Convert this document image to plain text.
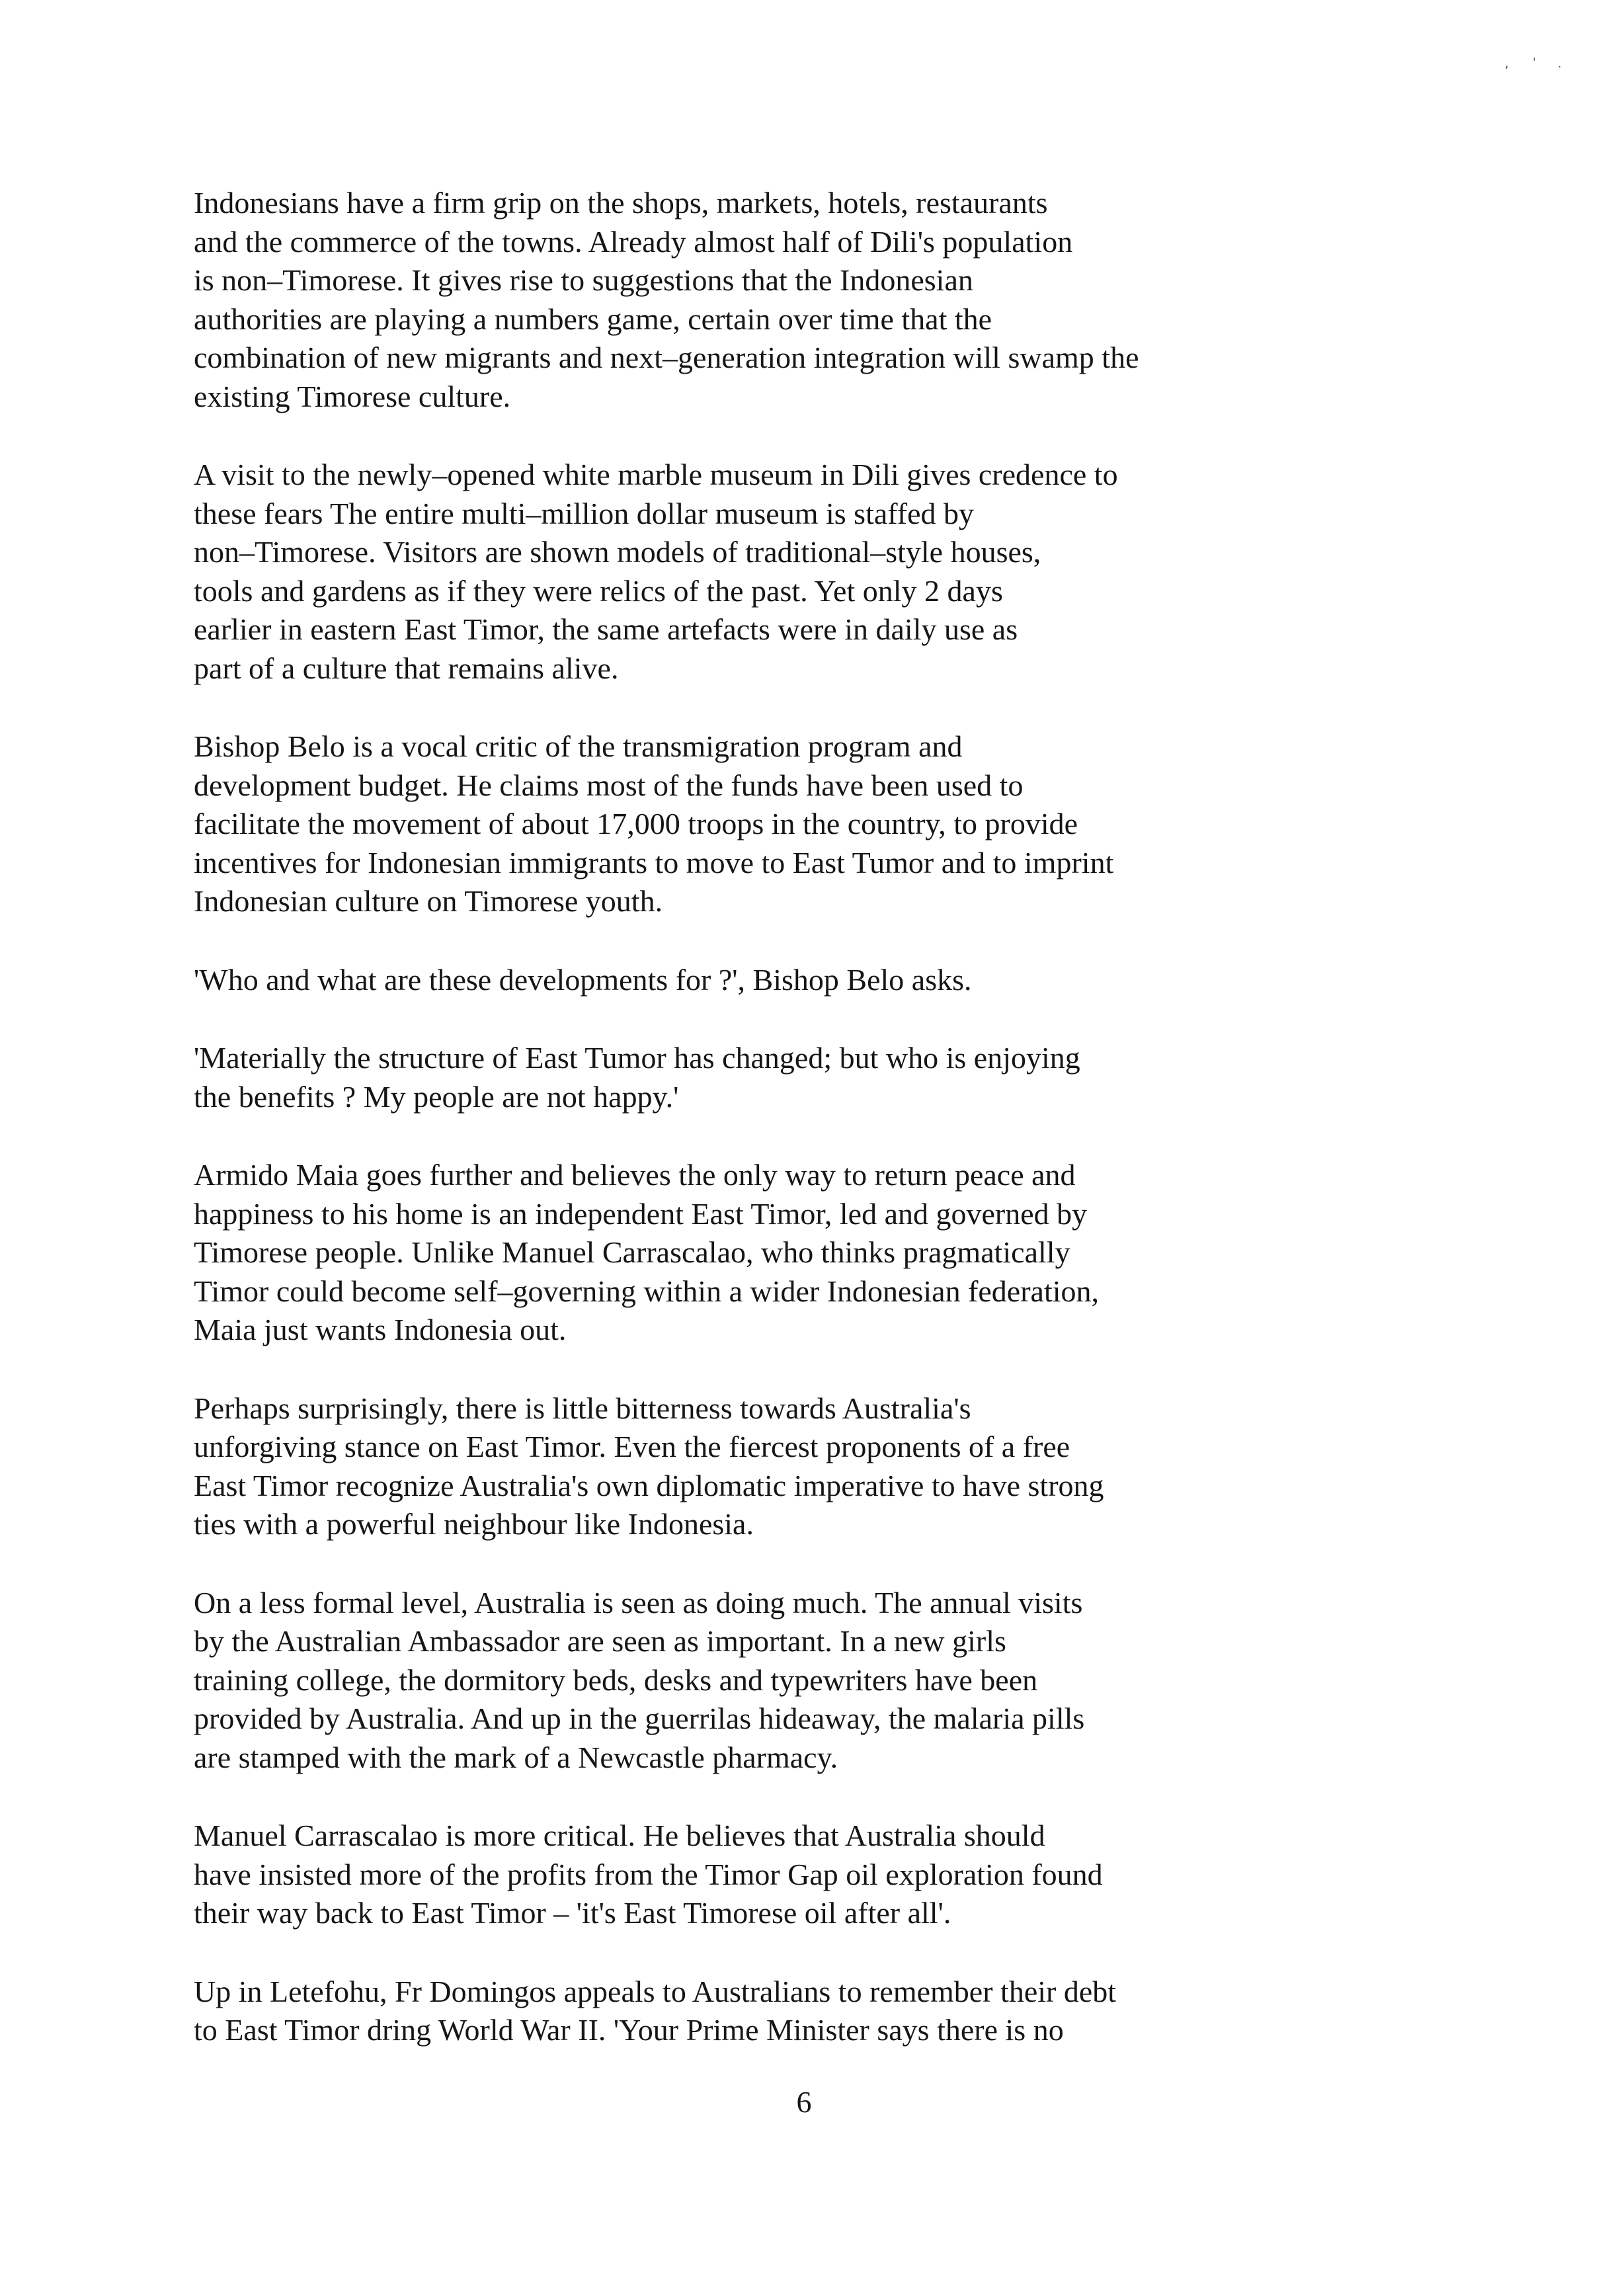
, ' .

Indonesians have a firm grip on the shops, markets, hotels, restaurants
and the commerce of the towns. Already almost half of Dili's population
is non–Timorese. It gives rise to suggestions that the Indonesian
authorities are playing a numbers game, certain over time that the
combination of new migrants and next–generation integration will swamp the
existing Timorese culture.

A visit to the newly–opened white marble museum in Dili gives credence to
these fears The entire multi–million dollar museum is staffed by
non–Timorese. Visitors are shown models of traditional–style houses,
tools and gardens as if they were relics of the past. Yet only 2 days
earlier in eastern East Timor, the same artefacts were in daily use as
part of a culture that remains alive.

Bishop Belo is a vocal critic of the transmigration program and
development budget. He claims most of the funds have been used to
facilitate the movement of about 17,000 troops in the country, to provide
incentives for Indonesian immigrants to move to East Tumor and to imprint
Indonesian culture on Timorese youth.

'Who and what are these developments for ?', Bishop Belo asks.

'Materially the structure of East Tumor has changed; but who is enjoying
the benefits ? My people are not happy.'

Armido Maia goes further and believes the only way to return peace and
happiness to his home is an independent East Timor, led and governed by
Timorese people. Unlike Manuel Carrascalao, who thinks pragmatically
Timor could become self–governing within a wider Indonesian federation,
Maia just wants Indonesia out.

Perhaps surprisingly, there is little bitterness towards Australia's
unforgiving stance on East Timor. Even the fiercest proponents of a free
East Timor recognize Australia's own diplomatic imperative to have strong
ties with a powerful neighbour like Indonesia.

On a less formal level, Australia is seen as doing much. The annual visits
by the Australian Ambassador are seen as important. In a new girls
training college, the dormitory beds, desks and typewriters have been
provided by Australia. And up in the guerrilas hideaway, the malaria pills
are stamped with the mark of a Newcastle pharmacy.

Manuel Carrascalao is more critical. He believes that Australia should
have insisted more of the profits from the Timor Gap oil exploration found
their way back to East Timor – 'it's East Timorese oil after all'.

Up in Letefohu, Fr Domingos appeals to Australians to remember their debt
to East Timor dring World War II. 'Your Prime Minister says there is no

6
